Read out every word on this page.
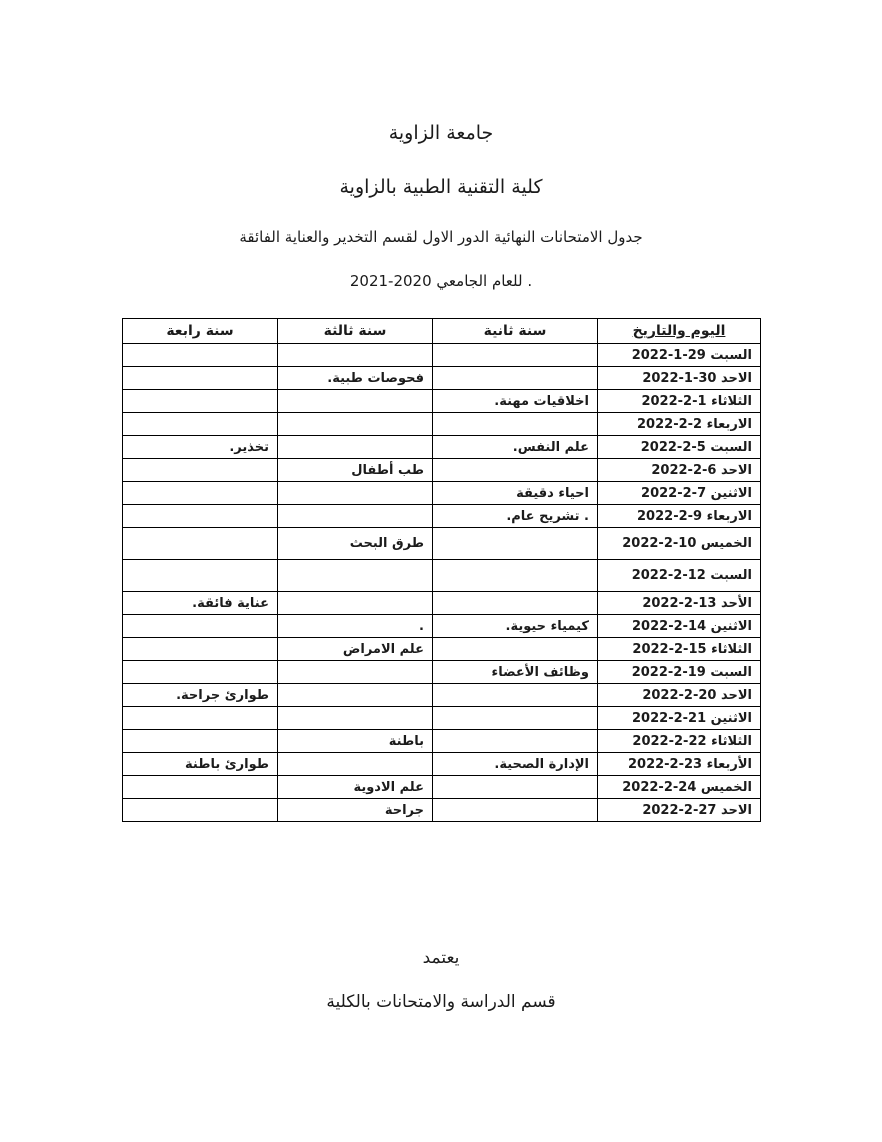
جامعة الزاوية
كلية التقنية الطبية بالزاوية
جدول الامتحانات النهائية الدور الاول لقسم التخدير والعناية الفائقة
. للعام الجامعي 2021-2020
اليوم والتاريخ	سنة ثانية	سنة ثالثة	سنة رابعة
السبت 2022-1-29			
الاحد 2022-1-30		فحوصات طبية.	
الثلاثاء 2022-2-1	اخلاقيات مهنة.		
الاربعاء 2022-2-2			
السبت 2022-2-5	علم النفس.		تخذير.
الاحد 2022-2-6		طب أطفال	
الاثنين 2022-2-7	احياء دقيقة		
الاربعاء 2022-2-9	. تشريح عام.		
الخميس 2022-2-10		طرق البحث	
السبت 2022-2-12			
الأحد 2022-2-13			عناية فائقة.
الاثنين 2022-2-14	كيمياء حيوية.	.	
الثلاثاء 2022-2-15		علم الامراض	
السبت 2022-2-19	وظائف الأعضاء		
الاحد 2022-2-20			طوارئ جراحة.
الاثنين 2022-2-21			
الثلاثاء 2022-2-22		باطنة	
الأربعاء 2022-2-23	الإدارة الصحية.		طوارئ باطنة
الخميس 2022-2-24		علم الادوية	
الاحد 2022-2-27		جراحة	
يعتمد
قسم الدراسة والامتحانات بالكلية
